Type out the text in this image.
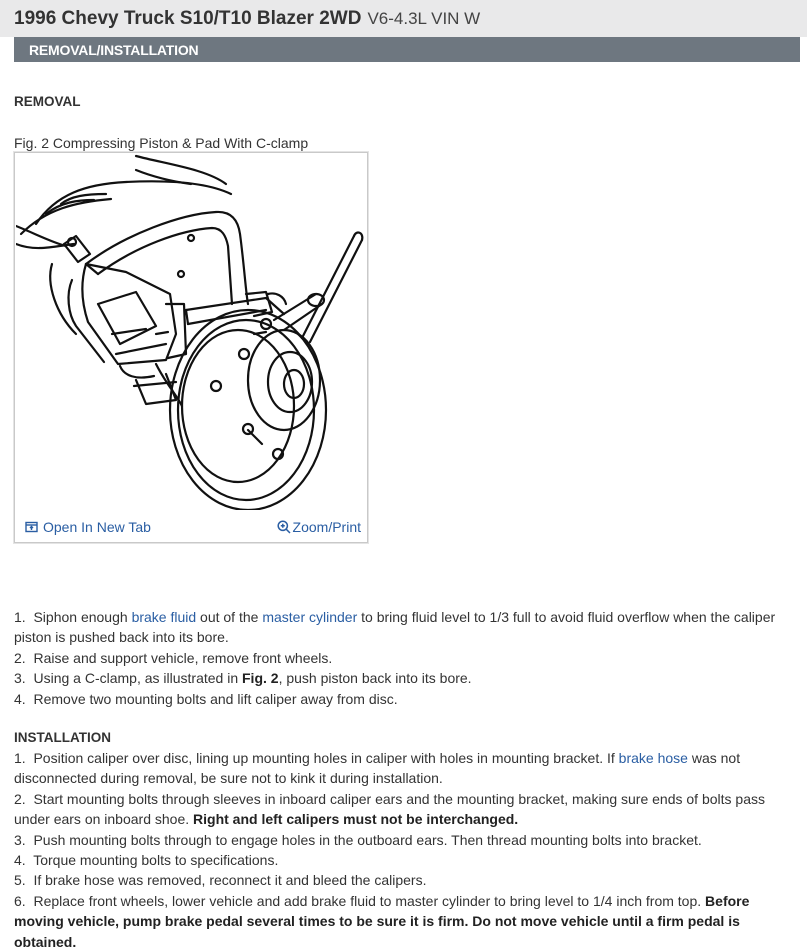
1996 Chevy Truck S10/T10 Blazer 2WD V6-4.3L VIN W
REMOVAL/INSTALLATION
REMOVAL
Fig. 2 Compressing Piston & Pad With C-clamp
Open In New Tab	Zoom/Print
1. Siphon enough brake fluid out of the master cylinder to bring fluid level to 1/3 full to avoid fluid overflow when the caliper piston is pushed back into its bore.
2. Raise and support vehicle, remove front wheels.
3. Using a C-clamp, as illustrated in Fig. 2, push piston back into its bore.
4. Remove two mounting bolts and lift caliper away from disc.
INSTALLATION
1. Position caliper over disc, lining up mounting holes in caliper with holes in mounting bracket. If brake hose was not disconnected during removal, be sure not to kink it during installation.
2. Start mounting bolts through sleeves in inboard caliper ears and the mounting bracket, making sure ends of bolts pass under ears on inboard shoe. Right and left calipers must not be interchanged.
3. Push mounting bolts through to engage holes in the outboard ears. Then thread mounting bolts into bracket.
4. Torque mounting bolts to specifications.
5. If brake hose was removed, reconnect it and bleed the calipers.
6. Replace front wheels, lower vehicle and add brake fluid to master cylinder to bring level to 1/4 inch from top. Before moving vehicle, pump brake pedal several times to be sure it is firm. Do not move vehicle until a firm pedal is obtained.
